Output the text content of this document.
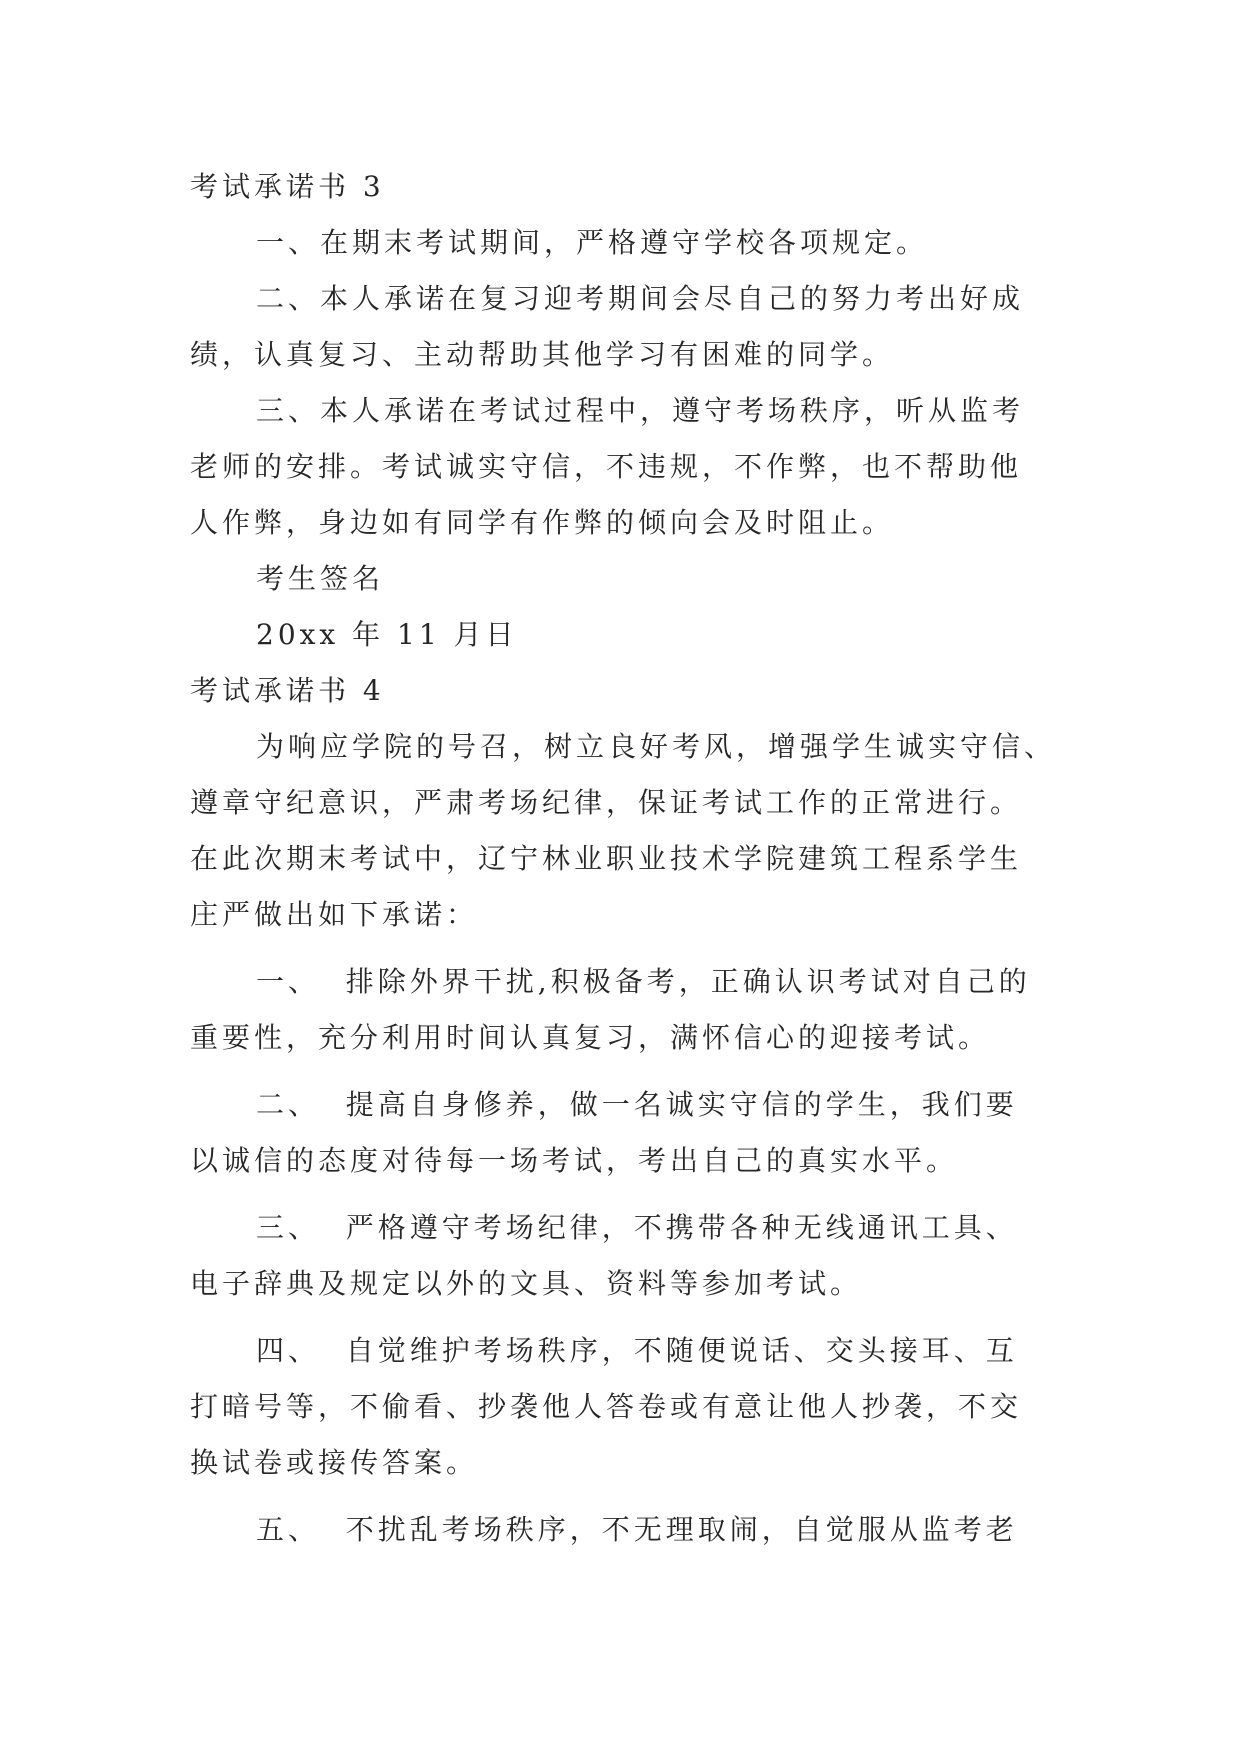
考试承诺书 3
一、在期末考试期间，严格遵守学校各项规定。
二、本人承诺在复习迎考期间会尽自己的努力考出好成
绩，认真复习、主动帮助其他学习有困难的同学。
三、本人承诺在考试过程中，遵守考场秩序，听从监考
老师的安排。考试诚实守信，不违规，不作弊，也不帮助他
人作弊，身边如有同学有作弊的倾向会及时阻止。
考生签名
20xx 年 11 月日
考试承诺书 4
为响应学院的号召，树立良好考风，增强学生诚实守信、
遵章守纪意识，严肃考场纪律，保证考试工作的正常进行。
在此次期末考试中，辽宁林业职业技术学院建筑工程系学生
庄严做出如下承诺：
一、  排除外界干扰,积极备考，正确认识考试对自己的
重要性，充分利用时间认真复习，满怀信心的迎接考试。
二、  提高自身修养，做一名诚实守信的学生，我们要
以诚信的态度对待每一场考试，考出自己的真实水平。
三、  严格遵守考场纪律，不携带各种无线通讯工具、
电子辞典及规定以外的文具、资料等参加考试。
四、  自觉维护考场秩序，不随便说话、交头接耳、互
打暗号等，不偷看、抄袭他人答卷或有意让他人抄袭，不交
换试卷或接传答案。
五、  不扰乱考场秩序，不无理取闹，自觉服从监考老
